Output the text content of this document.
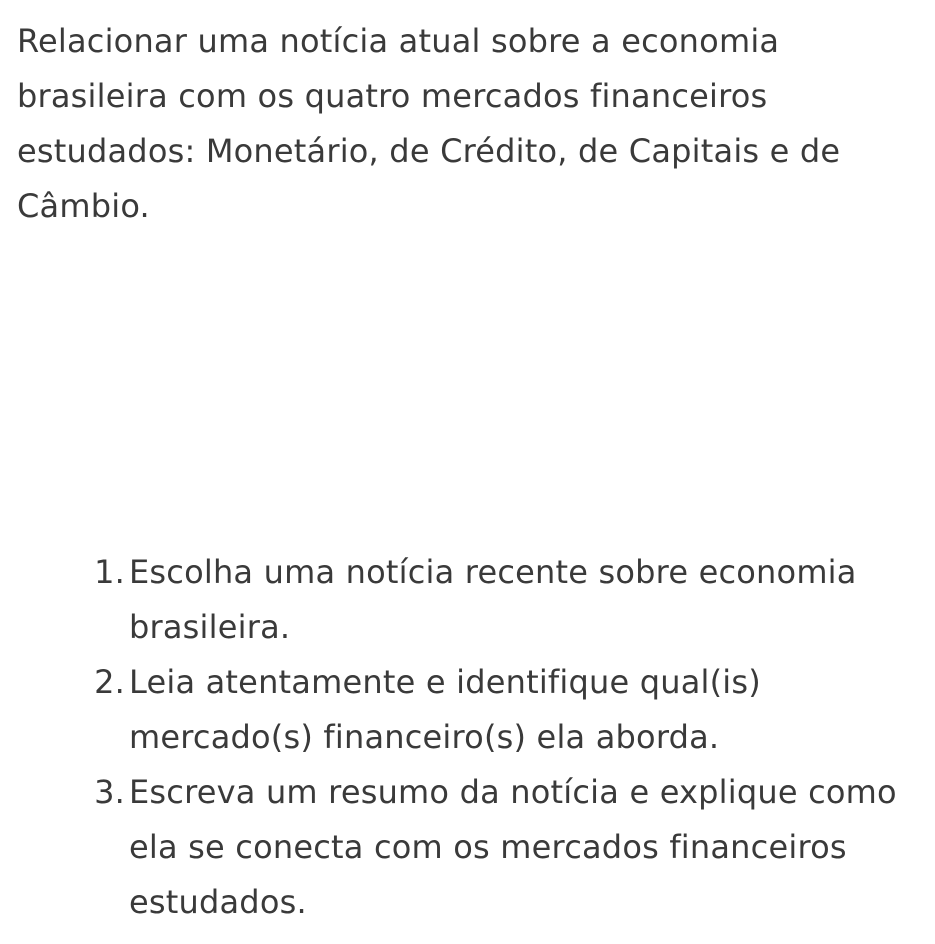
Relacionar uma notícia atual sobre a economia brasileira com os quatro mercados financeiros estudados: Monetário, de Crédito, de Capitais e de Câmbio.

1. Escolha uma notícia recente sobre economia brasileira.
2. Leia atentamente e identifique qual(is) mercado(s) financeiro(s) ela aborda.
3. Escreva um resumo da notícia e explique como ela se conecta com os mercados financeiros estudados.
